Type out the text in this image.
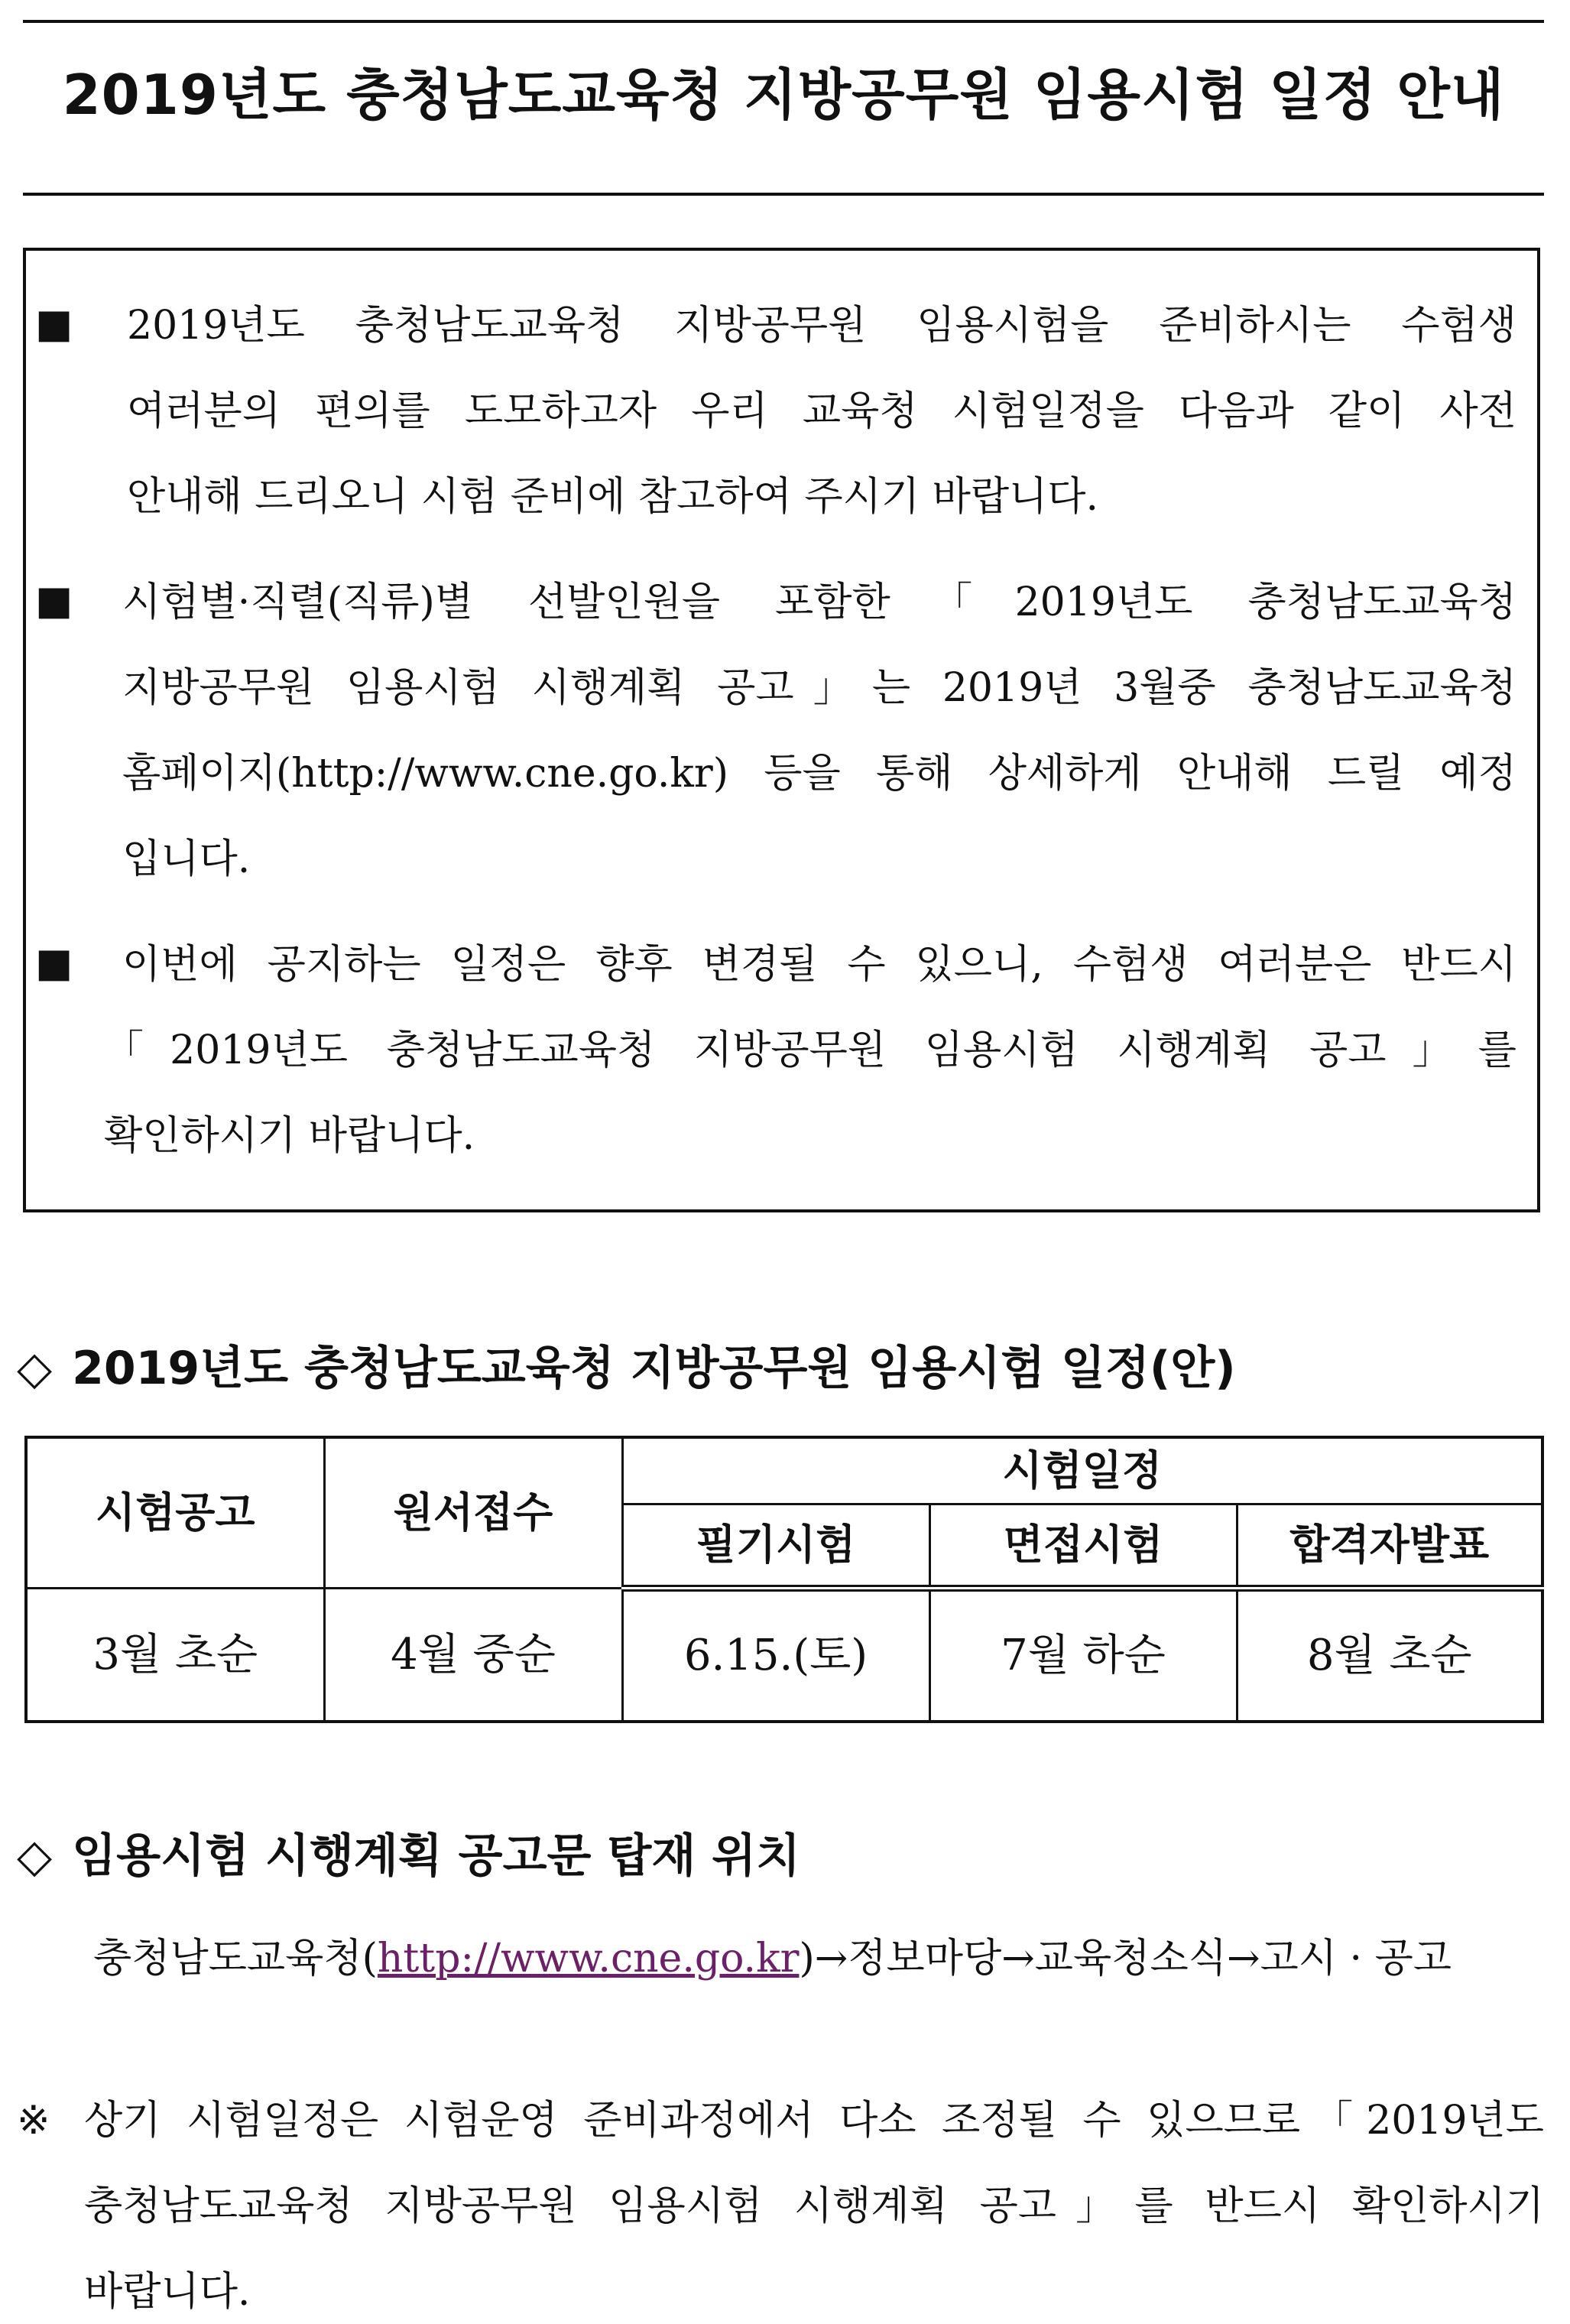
2019년도 충청남도교육청 지방공무원 임용시험 일정 안내
■ 2019년도 충청남도교육청 지방공무원 임용시험을 준비하시는 수험생
여러분의 편의를 도모하고자 우리 교육청 시험일정을 다음과 같이 사전
안내해 드리오니 시험 준비에 참고하여 주시기 바랍니다.
■ 시험별·직렬(직류)별 선발인원을 포함한「2019년도 충청남도교육청
지방공무원 임용시험 시행계획 공고」는 2019년 3월중 충청남도교육청
홈페이지(http://www.cne.go.kr) 등을 통해 상세하게 안내해 드릴 예정
입니다.
■ 이번에 공지하는 일정은 향후 변경될 수 있으니, 수험생 여러분은 반드시
「2019년도 충청남도교육청 지방공무원 임용시험 시행계획 공고」를
확인하시기 바랍니다.
◇ 2019년도 충청남도교육청 지방공무원 임용시험 일정(안)
시험공고	원서접수	시험일정		
		필기시험	면접시험	합격자발표
3월 초순	4월 중순	6.15.(토)	7월 하순	8월 초순
◇ 임용시험 시행계획 공고문 탑재 위치
충청남도교육청(http://www.cne.go.kr)→정보마당→교육청소식→고시 · 공고
※ 상기 시험일정은 시험운영 준비과정에서 다소 조정될 수 있으므로「2019년도
충청남도교육청 지방공무원 임용시험 시행계획 공고」를 반드시 확인하시기
바랍니다.
